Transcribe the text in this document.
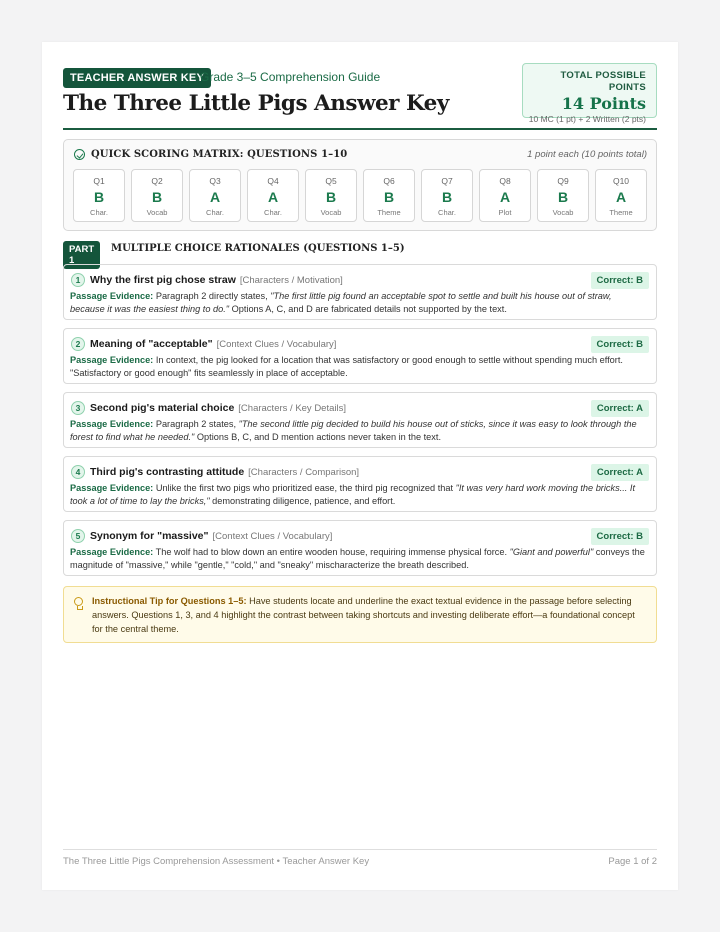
TEACHER ANSWER KEY
Grade 3–5 Comprehension Guide
The Three Little Pigs Answer Key
TOTAL POSSIBLE POINTS
14 Points
10 MC (1 pt) + 2 Written (2 pts)
QUICK SCORING MATRIX: QUESTIONS 1–10	1 point each (10 points total)
Q1
B
Char.
Q2
B
Vocab
Q3
A
Char.
Q4
A
Char.
Q5
B
Vocab
Q6
B
Theme
Q7
B
Char.
Q8
A
Plot
Q9
B
Vocab
Q10
A
Theme
PART 1
MULTIPLE CHOICE RATIONALES (QUESTIONS 1–5)
1 Why the first pig chose straw [Characters / Motivation]	Correct: B
Passage Evidence: Paragraph 2 directly states, "The first little pig found an acceptable spot to settle and built his house out of straw, because it was the easiest thing to do." Options A, C, and D are fabricated details not supported by the text.
2 Meaning of "acceptable" [Context Clues / Vocabulary]	Correct: B
Passage Evidence: In context, the pig looked for a location that was satisfactory or good enough to settle without spending much effort. "Satisfactory or good enough" fits seamlessly in place of acceptable.
3 Second pig's material choice [Characters / Key Details]	Correct: A
Passage Evidence: Paragraph 2 states, "The second little pig decided to build his house out of sticks, since it was easy to look through the forest to find what he needed." Options B, C, and D mention actions never taken in the text.
4 Third pig's contrasting attitude [Characters / Comparison]	Correct: A
Passage Evidence: Unlike the first two pigs who prioritized ease, the third pig recognized that "It was very hard work moving the bricks... It took a lot of time to lay the bricks," demonstrating diligence, patience, and effort.
5 Synonym for "massive" [Context Clues / Vocabulary]	Correct: B
Passage Evidence: The wolf had to blow down an entire wooden house, requiring immense physical force. "Giant and powerful" conveys the magnitude of "massive," while "gentle," "cold," and "sneaky" mischaracterize the breath described.
Instructional Tip for Questions 1–5: Have students locate and underline the exact textual evidence in the passage before selecting answers. Questions 1, 3, and 4 highlight the contrast between taking shortcuts and investing deliberate effort—a foundational concept for the central theme.
The Three Little Pigs Comprehension Assessment • Teacher Answer Key	Page 1 of 2
